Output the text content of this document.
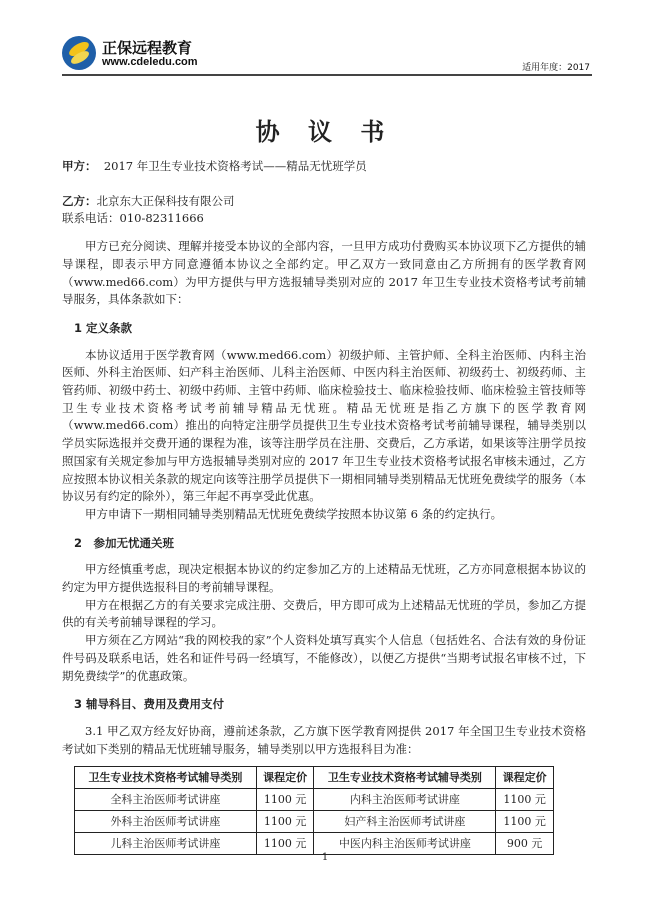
正保远程教育
www.cdeledu.com	适用年度：2017
协 议 书

甲方： 2017 年卫生专业技术资格考试——精品无忧班学员

乙方：北京东大正保科技有限公司

联系电话：010-82311666

甲方已充分阅读、理解并接受本协议的全部内容，一旦甲方成功付费购买本协议项下乙方提供的辅导课程，即表示甲方同意遵循本协议之全部约定。甲乙双方一致同意由乙方所拥有的医学教育网（www.med66.com）为甲方提供与甲方选报辅导类别对应的 2017 年卫生专业技术资格考试考前辅导服务，具体条款如下：

1 定义条款

本协议适用于医学教育网（www.med66.com）初级护师、主管护师、全科主治医师、内科主治医师、外科主治医师、妇产科主治医师、儿科主治医师、中医内科主治医师、初级药士、初级药师、主管药师、初级中药士、初级中药师、主管中药师、临床检验技士、临床检验技师、临床检验主管技师等卫生专业技术资格考试考前辅导精品无忧班。精品无忧班是指乙方旗下的医学教育网（www.med66.com）推出的向特定注册学员提供卫生专业技术资格考试考前辅导课程，辅导类别以学员实际选报并交费开通的课程为准，该等注册学员在注册、交费后，乙方承诺，如果该等注册学员按照国家有关规定参加与甲方选报辅导类别对应的 2017 年卫生专业技术资格考试报名审核未通过，乙方应按照本协议相关条款的规定向该等注册学员提供下一期相同辅导类别精品无忧班免费续学的服务（本协议另有约定的除外），第三年起不再享受此优惠。

甲方申请下一期相同辅导类别精品无忧班免费续学按照本协议第 6 条的约定执行。

2　参加无忧通关班

甲方经慎重考虑，现决定根据本协议的约定参加乙方的上述精品无忧班，乙方亦同意根据本协议的约定为甲方提供选报科目的考前辅导课程。

甲方在根据乙方的有关要求完成注册、交费后，甲方即可成为上述精品无忧班的学员，参加乙方提供的有关考前辅导课程的学习。

甲方须在乙方网站“我的网校我的家”个人资料处填写真实个人信息（包括姓名、合法有效的身份证件号码及联系电话，姓名和证件号码一经填写，不能修改），以便乙方提供“当期考试报名审核不过，下期免费续学”的优惠政策。

3 辅导科目、费用及费用支付

3.1 甲乙双方经友好协商，遵前述条款，乙方旗下医学教育网提供 2017 年全国卫生专业技术资格考试如下类别的精品无忧班辅导服务，辅导类别以甲方选报科目为准：

卫生专业技术资格考试辅导类别	课程定价	卫生专业技术资格考试辅导类别	课程定价
全科主治医师考试讲座	1100 元	内科主治医师考试讲座	1100 元
外科主治医师考试讲座	1100 元	妇产科主治医师考试讲座	1100 元
儿科主治医师考试讲座	1100 元	中医内科主治医师考试讲座	900 元
1
